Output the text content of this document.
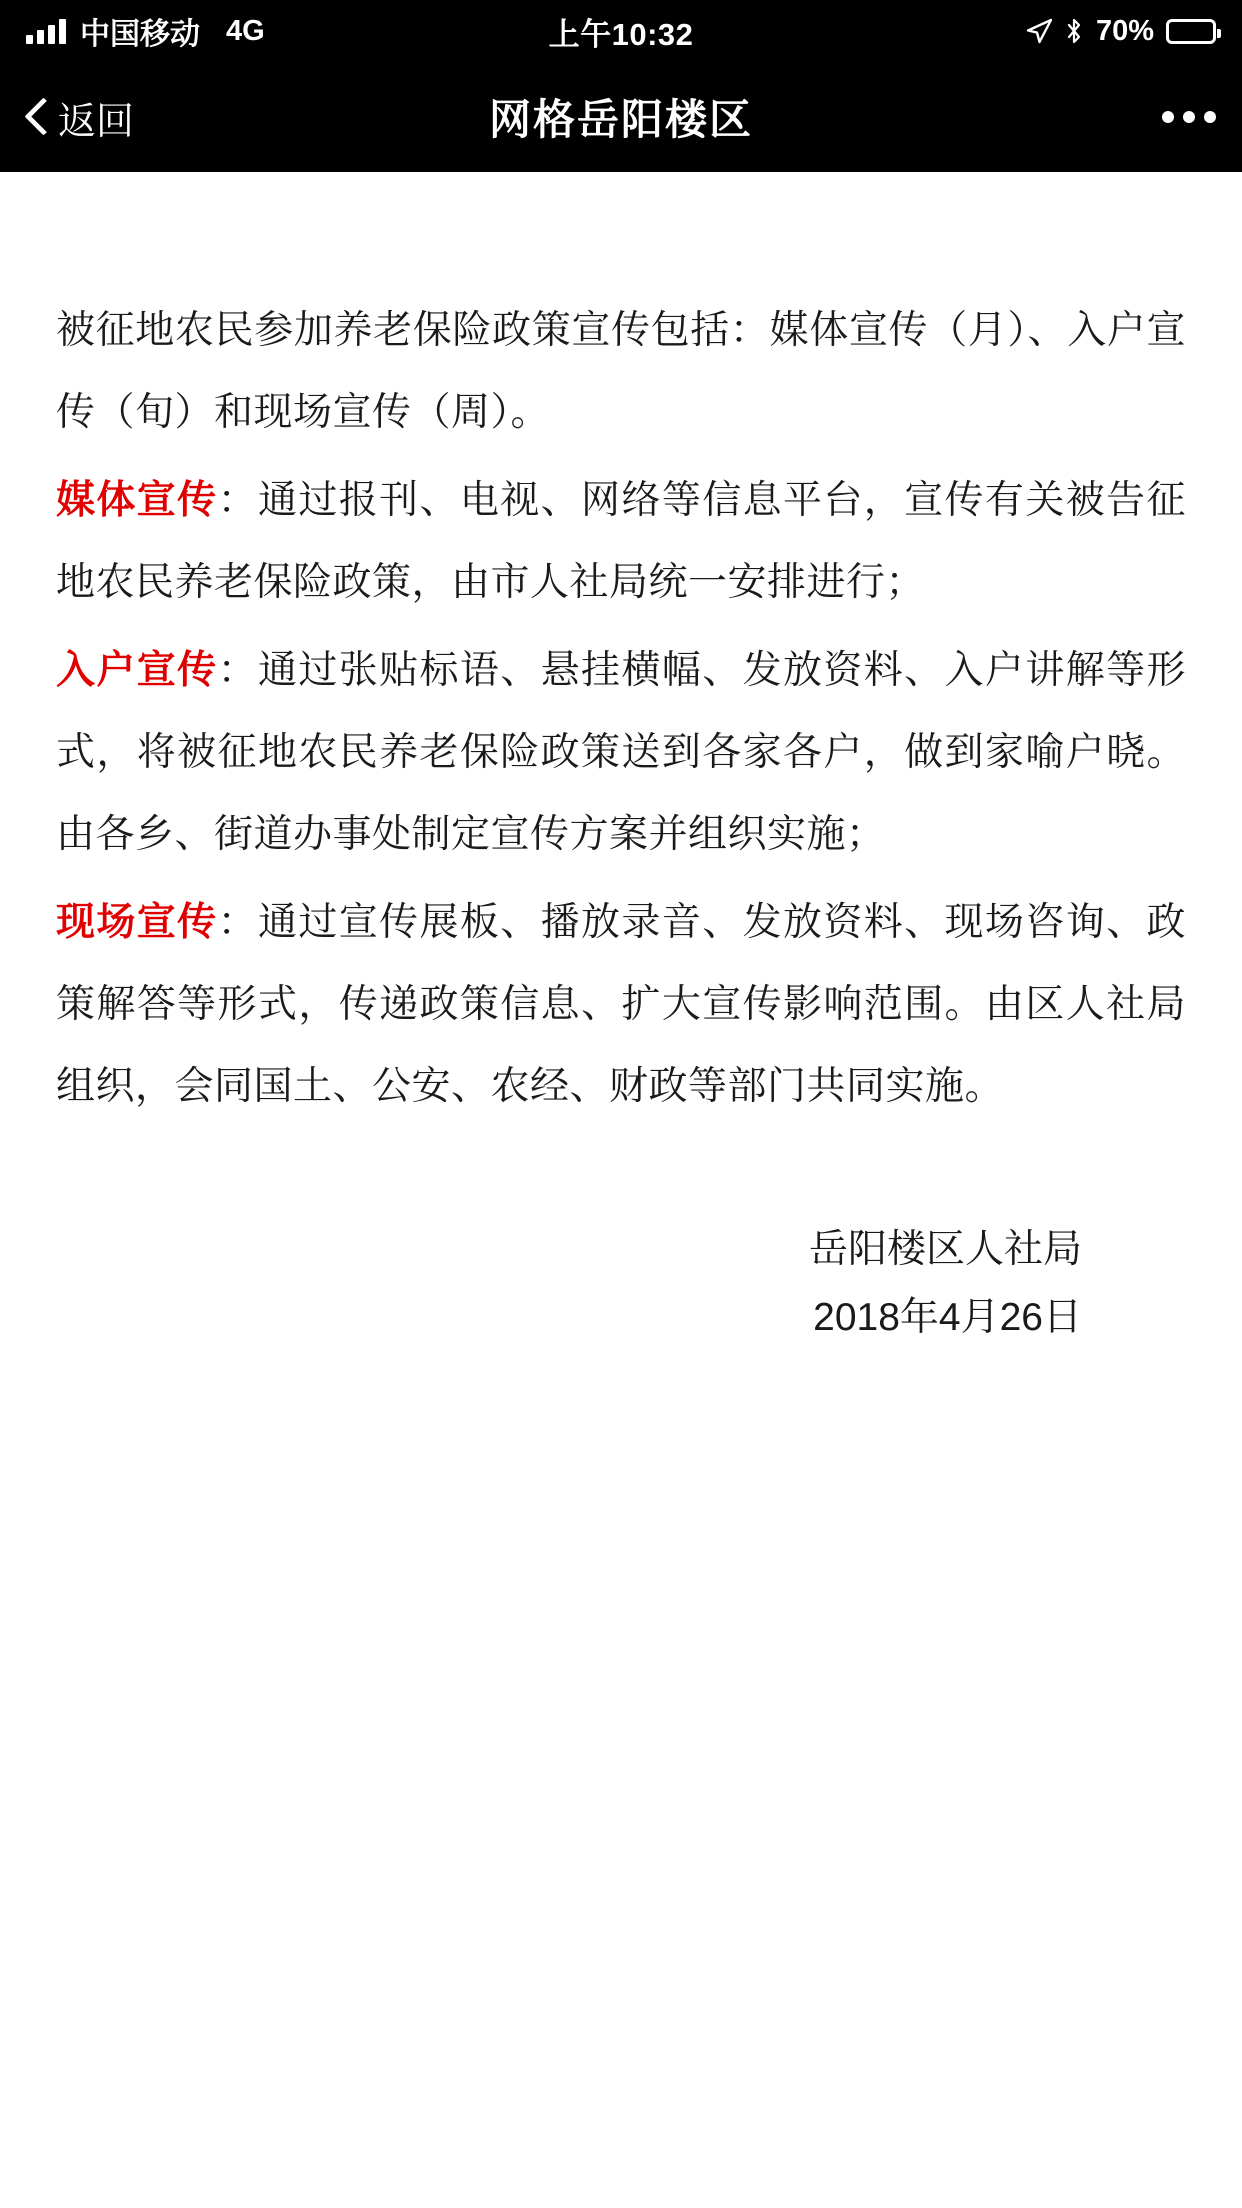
中国移动 4G	上午10:32	70%
返回	网格岳阳楼区

被征地农民参加养老保险政策宣传包括：媒体宣传（月）、入户宣传（旬）和现场宣传（周）。

媒体宣传：通过报刊、电视、网络等信息平台，宣传有关被告征地农民养老保险政策，由市人社局统一安排进行；

入户宣传：通过张贴标语、悬挂横幅、发放资料、入户讲解等形式，将被征地农民养老保险政策送到各家各户，做到家喻户晓。由各乡、街道办事处制定宣传方案并组织实施；

现场宣传：通过宣传展板、播放录音、发放资料、现场咨询、政策解答等形式，传递政策信息、扩大宣传影响范围。由区人社局组织，会同国土、公安、农经、财政等部门共同实施。

岳阳楼区人社局
2018年4月26日
